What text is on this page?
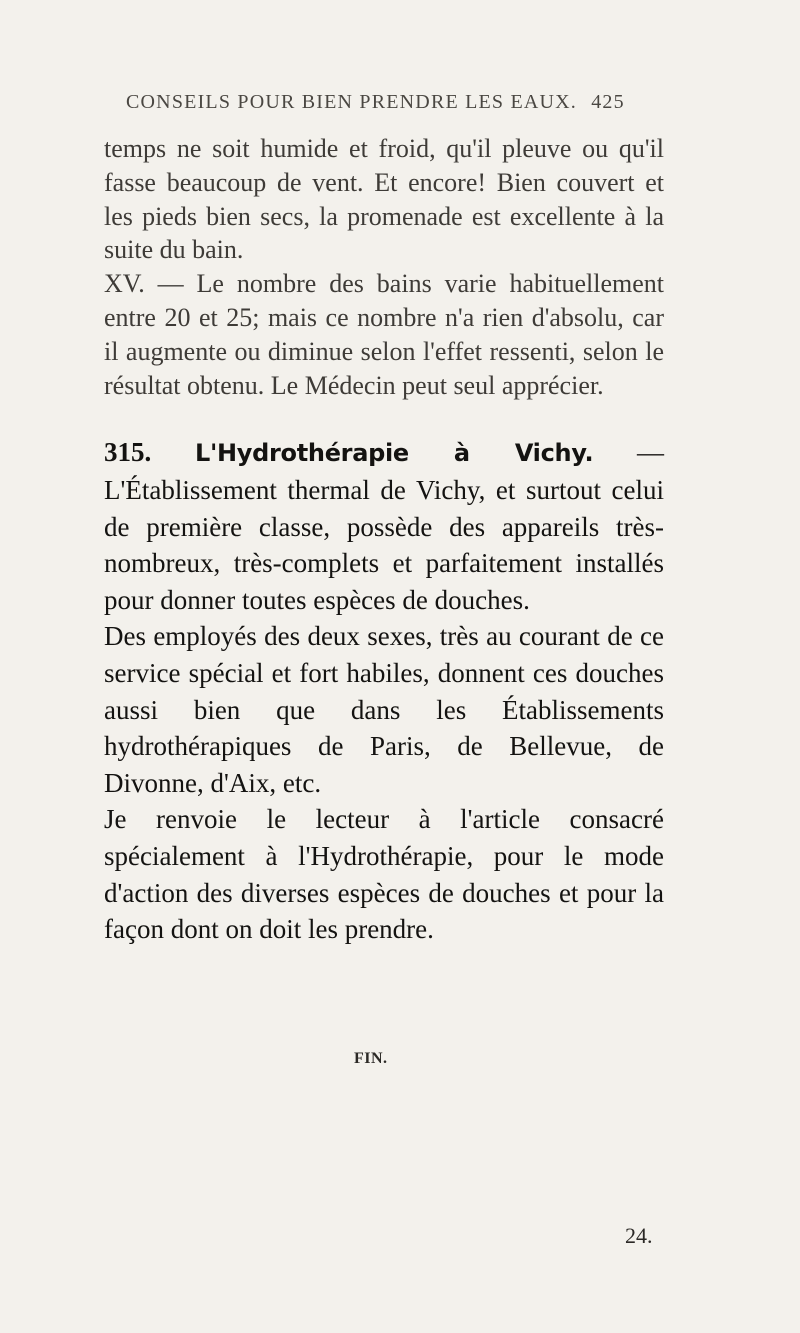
CONSEILS POUR BIEN PRENDRE LES EAUX. 425

temps ne soit humide et froid, qu'il pleuve ou qu'il fasse beaucoup de vent. Et encore! Bien couvert et les pieds bien secs, la promenade est excellente à la suite du bain.

XV. — Le nombre des bains varie habituellement entre 20 et 25; mais ce nombre n'a rien d'absolu, car il augmente ou diminue selon l'effet ressenti, selon le résultat obtenu. Le Médecin peut seul apprécier.

315. L'Hydrothérapie à Vichy. — L'Établissement thermal de Vichy, et surtout celui de première classe, possède des appareils très-nombreux, très-complets et parfaitement installés pour donner toutes espèces de douches.

Des employés des deux sexes, très au courant de ce service spécial et fort habiles, donnent ces douches aussi bien que dans les Établissements hydrothérapiques de Paris, de Bellevue, de Divonne, d'Aix, etc.

Je renvoie le lecteur à l'article consacré spécialement à l'Hydrothérapie, pour le mode d'action des diverses espèces de douches et pour la façon dont on doit les prendre.

FIN.
24.
